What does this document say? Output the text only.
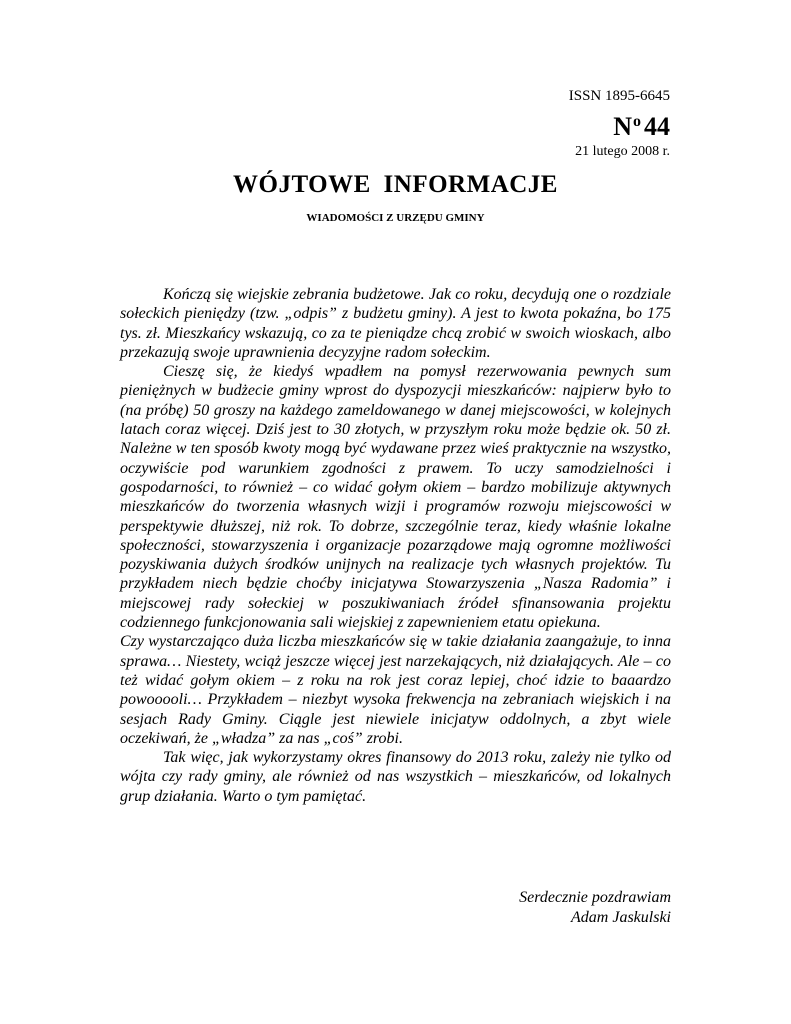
ISSN 1895-6645
$N^o$ 44
21 lutego 2008 r.
WÓJTOWE INFORMACJE
WIADOMOŚCI Z URZĘDU GMINY

Kończą się wiejskie zebrania budżetowe. Jak co roku, decydują one o rozdziale sołeckich pieniędzy (tzw. „odpis” z budżetu gminy). A jest to kwota pokaźna, bo 175 tys. zł. Mieszkańcy wskazują, co za te pieniądze chcą zrobić w swoich wioskach, albo przekazują swoje uprawnienia decyzyjne radom sołeckim.

Cieszę się, że kiedyś wpadłem na pomysł rezerwowania pewnych sum pieniężnych w budżecie gminy wprost do dyspozycji mieszkańców: najpierw było to (na próbę) 50 groszy na każdego zameldowanego w danej miejscowości, w kolejnych latach coraz więcej. Dziś jest to 30 złotych, w przyszłym roku może będzie ok. 50 zł. Należne w ten sposób kwoty mogą być wydawane przez wieś praktycznie na wszystko, oczywiście pod warunkiem zgodności z prawem. To uczy samodzielności i gospodarności, to również – co widać gołym okiem – bardzo mobilizuje aktywnych mieszkańców do tworzenia własnych wizji i programów rozwoju miejscowości w perspektywie dłuższej, niż rok. To dobrze, szczególnie teraz, kiedy właśnie lokalne społeczności, stowarzyszenia i organizacje pozarządowe mają ogromne możliwości pozyskiwania dużych środków unijnych na realizacje tych własnych projektów. Tu przykładem niech będzie choćby inicjatywa Stowarzyszenia „Nasza Radomia” i miejscowej rady sołeckiej w poszukiwaniach źródeł sfinansowania projektu codziennego funkcjonowania sali wiejskiej z zapewnieniem etatu opiekuna.

Czy wystarczająco duża liczba mieszkańców się w takie działania zaangażuje, to inna sprawa… Niestety, wciąż jeszcze więcej jest narzekających, niż działających. Ale – co też widać gołym okiem – z roku na rok jest coraz lepiej, choć idzie to baaardzo powooooli… Przykładem – niezbyt wysoka frekwencja na zebraniach wiejskich i na sesjach Rady Gminy. Ciągle jest niewiele inicjatyw oddolnych, a zbyt wiele oczekiwań, że „władza” za nas „coś” zrobi.

Tak więc, jak wykorzystamy okres finansowy do 2013 roku, zależy nie tylko od wójta czy rady gminy, ale również od nas wszystkich – mieszkańców, od lokalnych grup działania. Warto o tym pamiętać.

Serdecznie pozdrawiam
Adam Jaskulski
